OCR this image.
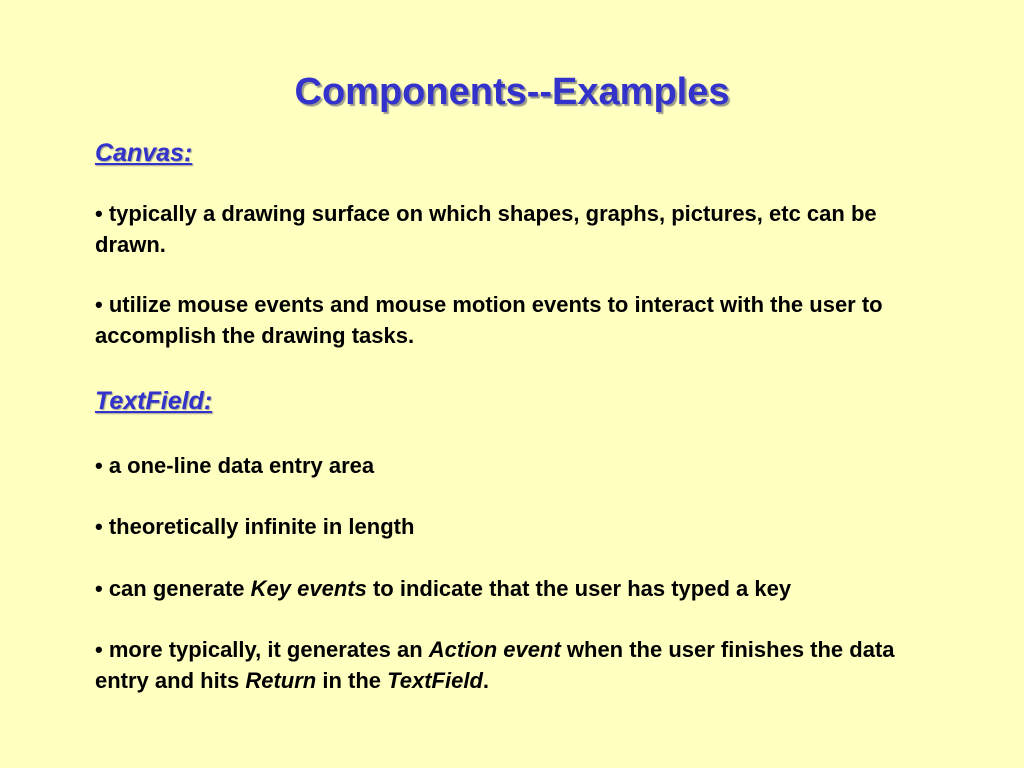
Components--Examples
Canvas:

• typically a drawing surface on which shapes, graphs, pictures, etc can be drawn.

• utilize mouse events and mouse motion events to interact with the user to accomplish the drawing tasks.

TextField:

• a one-line data entry area

• theoretically infinite in length

• can generate Key events to indicate that the user has typed a key

• more typically, it generates an Action event when the user finishes the data entry and hits Return in the TextField.
